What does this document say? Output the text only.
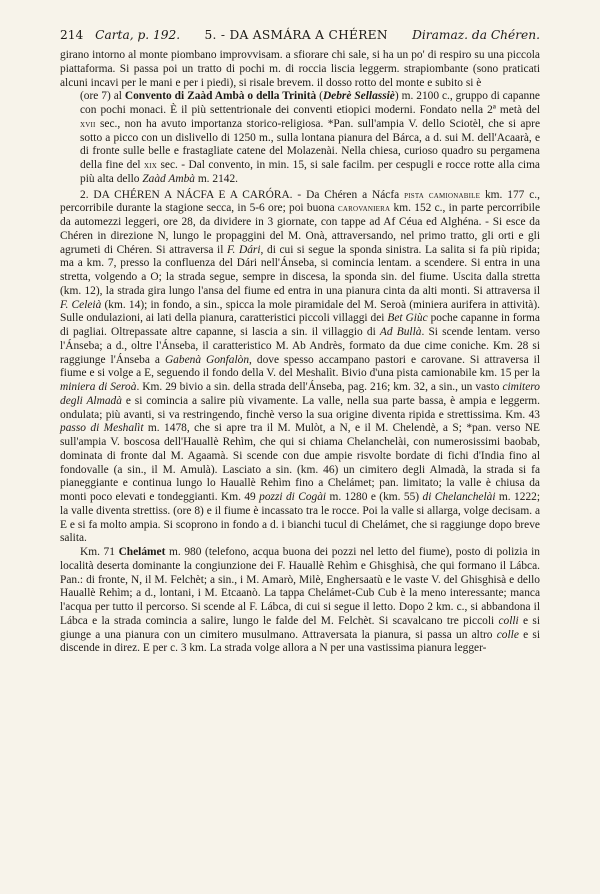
214 Carta, p. 192. 5. - DA ASMÁRA A CHÉREN Diramaz. da Chéren.

girano intorno al monte piombano improvvisam. a sfiorare chi sale, si ha un po' di respiro su una piccola piattaforma. Si passa poi un tratto di pochi m. di roccia liscia leggerm. strapiombante (sono praticati alcuni incavi per le mani e per i piedi), si risale brevem. il dosso rotto del monte e subito si è

(ore 7) al Convento di Zaàd Ambà o della Trinità (Debrè Sellassiè) m. 2100 c., gruppo di capanne con pochi monaci. È il più settentrionale dei conventi etiopici moderni. Fondato nella 2ª metà del xvii sec., non ha avuto importanza storico-religiosa. *Pan. sull'ampia V. dello Sciotèl, che si apre sotto a picco con un dislivello di 1250 m., sulla lontana pianura del Bárca, a d. sui M. dell'Acaarà, e di fronte sulle belle e frastagliate catene del Molazenài. Nella chiesa, curioso quadro su pergamena della fine del xix sec. - Dal convento, in min. 15, si sale facilm. per cespugli e rocce rotte alla cima più alta dello Zaàd Ambà m. 2142.

2. DA CHÉREN A NÁCFA E A CARÓRA. - Da Chéren a Nácfa pista camionabile km. 177 c., percorribile durante la stagione secca, in 5-6 ore; poi buona carovaniera km. 152 c., in parte percorribile da automezzi leggeri, ore 28, da dividere in 3 giornate, con tappe ad Af Céua ed Alghéna. - Si esce da Chéren in direzione N, lungo le propaggini del M. Onà, attraversando, nel primo tratto, gli orti e gli agrumeti di Chéren. Si attraversa il F. Dári, di cui si segue la sponda sinistra. La salita si fa più ripida; ma a km. 7, presso la confluenza del Dári nell'Ánseba, si comincia lentam. a scendere. Si entra in una stretta, volgendo a O; la strada segue, sempre in discesa, la sponda sin. del fiume. Uscita dalla stretta (km. 12), la strada gira lungo l'ansa del fiume ed entra in una pianura cinta da alti monti. Si attraversa il F. Celeià (km. 14); in fondo, a sin., spicca la mole piramidale del M. Seroà (miniera aurifera in attività). Sulle ondulazioni, ai lati della pianura, caratteristici piccoli villaggi dei Bet Giùc poche capanne in forma di pagliai. Oltrepassate altre capanne, si lascia a sin. il villaggio di Ad Bullà. Si scende lentam. verso l'Ánseba; a d., oltre l'Ánseba, il caratteristico M. Ab Andrès, formato da due cime coniche. Km. 28 si raggiunge l'Ánseba a Gabenà Gonfalòn, dove spesso accampano pastori e carovane. Si attraversa il fiume e si volge a E, seguendo il fondo della V. del Meshalìt. Bivio d'una pista camionabile km. 15 per la miniera di Seroà. Km. 29 bivio a sin. della strada dell'Ánseba, pag. 216; km. 32, a sin., un vasto cimitero degli Almadà e si comincia a salire più vivamente. La valle, nella sua parte bassa, è ampia e leggerm. ondulata; più avanti, si va restringendo, finchè verso la sua origine diventa ripida e strettissima. Km. 43 passo di Meshalìt m. 1478, che si apre tra il M. Mulòt, a N, e il M. Chelendè, a S; *pan. verso NE sull'ampia V. boscosa dell'Hauallè Rehìm, che qui si chiama Chelanchelài, con numerosissimi baobab, dominata di fronte dal M. Agaamà. Si scende con due ampie risvolte bordate di fichi d'India fino al fondovalle (a sin., il M. Amulà). Lasciato a sin. (km. 46) un cimitero degli Almadà, la strada si fa pianeggiante e continua lungo lo Hauallè Rehìm fino a Chelámet; pan. limitato; la valle è chiusa da monti poco elevati e tondeggianti. Km. 49 pozzi di Cogài m. 1280 e (km. 55) di Chelanchelài m. 1222; la valle diventa strettiss. (ore 8) e il fiume è incassato tra le rocce. Poi la valle si allarga, volge decisam. a E e si fa molto ampia. Si scoprono in fondo a d. i bianchi tucul di Chelámet, che si raggiunge dopo breve salita.

Km. 71 Chelámet m. 980 (telefono, acqua buona dei pozzi nel letto del fiume), posto di polizia in località deserta dominante la congiunzione dei F. Hauallè Rehìm e Ghisghisà, che qui formano il Lábca. Pan.: di fronte, N, il M. Felchèt; a sin., i M. Amarò, Milè, Enghersaatù e le vaste V. del Ghisghisà e dello Hauallè Rehìm; a d., lontani, i M. Etcaanò. La tappa Chelámet-Cub Cub è la meno interessante; manca l'acqua per tutto il percorso. Si scende al F. Lábca, di cui si segue il letto. Dopo 2 km. c., si abbandona il Lábca e la strada comincia a salire, lungo le falde del M. Felchèt. Si scavalcano tre piccoli colli e si giunge a una pianura con un cimitero musulmano. Attraversata la pianura, si passa un altro colle e si discende in direz. E per c. 3 km. La strada volge allora a N per una vastissima pianura legger-
